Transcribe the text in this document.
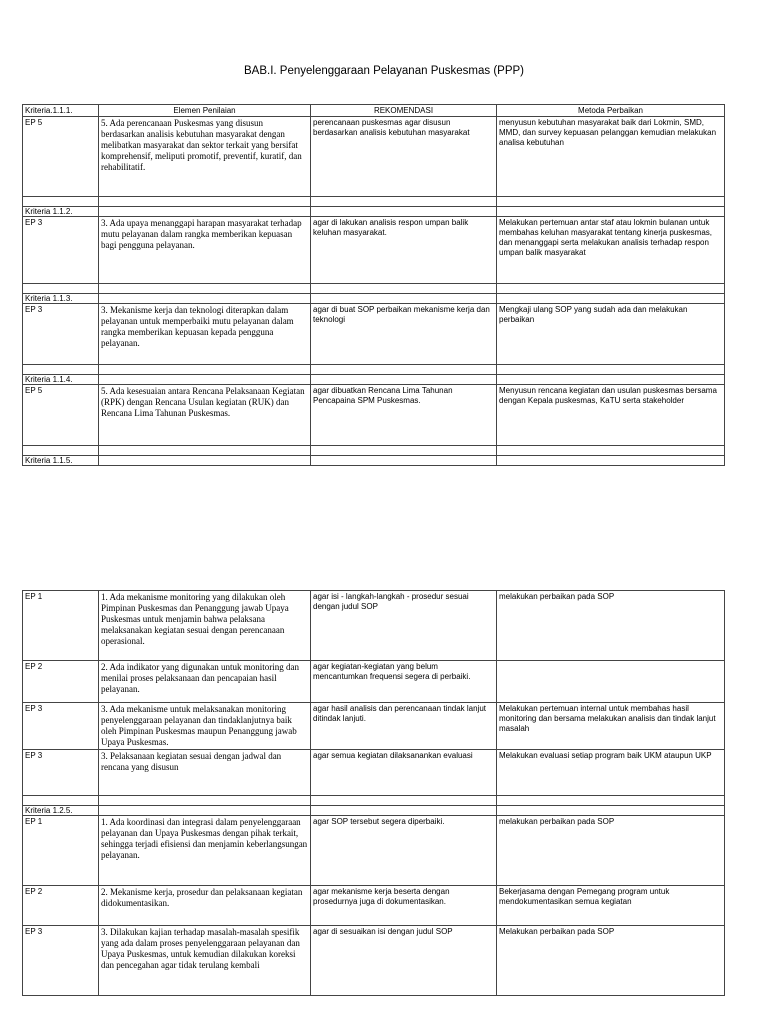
BAB.I. Penyelenggaraan Pelayanan Puskesmas (PPP)
Kriteria.1.1.1.	Elemen Penilaian	REKOMENDASI	Metoda Perbaikan
EP 5	5. Ada perencanaan Puskesmas yang disusun berdasarkan analisis kebutuhan masyarakat dengan melibatkan masyarakat dan sektor terkait yang bersifat komprehensif, meliputi promotif, preventif, kuratif, dan rehabilitatif.	perencanaan puskesmas agar disusun berdasarkan analisis kebutuhan masyarakat	menyusun kebutuhan masyarakat baik dari Lokmin, SMD, MMD, dan survey kepuasan pelanggan kemudian melakukan analisa kebutuhan

Kriteria 1.1.2.			
EP 3	3. Ada upaya menanggapi harapan masyarakat terhadap mutu pelayanan dalam rangka memberikan kepuasan bagi pengguna pelayanan.	agar di lakukan analisis respon umpan balik keluhan masyarakat.	Melakukan pertemuan antar staf atau lokmin bulanan untuk membahas keluhan masyarakat tentang kinerja puskesmas, dan menanggapi serta melakukan analisis terhadap respon umpan balik masyarakat

Kriteria 1.1.3.			
EP 3	3. Mekanisme kerja dan teknologi diterapkan dalam pelayanan untuk memperbaiki mutu pelayanan dalam rangka memberikan kepuasan kepada pengguna pelayanan.	agar di buat SOP perbaikan mekanisme kerja dan teknologi	Mengkaji ulang SOP yang sudah ada dan melakukan perbaikan

Kriteria 1.1.4.			
EP 5	5. Ada kesesuaian antara Rencana Pelaksanaan Kegiatan (RPK) dengan Rencana Usulan kegiatan (RUK) dan Rencana Lima Tahunan Puskesmas.	agar dibuatkan Rencana Lima Tahunan Pencapaina SPM Puskesmas.	Menyusun rencana kegiatan dan usulan puskesmas bersama dengan Kepala puskesmas, KaTU serta stakeholder

Kriteria 1.1.5.			
EP 1	1. Ada mekanisme monitoring yang dilakukan oleh Pimpinan Puskesmas dan Penanggung jawab Upaya Puskesmas untuk menjamin bahwa pelaksana melaksanakan kegiatan sesuai dengan perencanaan operasional.	agar isi - langkah-langkah - prosedur sesuai dengan judul SOP	melakukan perbaikan pada SOP
EP 2	2. Ada indikator yang digunakan untuk monitoring dan menilai proses pelaksanaan dan pencapaian hasil pelayanan.	agar kegiatan-kegiatan yang belum mencantumkan frequensi segera di perbaiki.	
EP 3	3. Ada mekanisme untuk melaksanakan monitoring penyelenggaraan pelayanan dan tindaklanjutnya baik oleh Pimpinan Puskesmas maupun Penanggung jawab Upaya Puskesmas.	agar hasil analisis dan perencanaan tindak lanjut ditindak lanjuti.	Melakukan pertemuan internal untuk membahas hasil monitoring dan bersama melakukan analisis dan tindak lanjut masalah
EP 3	3. Pelaksanaan kegiatan sesuai dengan jadwal dan rencana yang disusun	agar semua kegiatan dilaksanankan evaluasi	Melakukan evaluasi setiap program baik UKM ataupun UKP

Kriteria 1.2.5.			
EP 1	1. Ada koordinasi dan integrasi dalam penyelenggaraan pelayanan dan Upaya Puskesmas dengan pihak terkait, sehingga terjadi efisiensi dan menjamin keberlangsungan pelayanan.	agar SOP tersebut segera diperbaiki.	melakukan perbaikan pada SOP
EP 2	2. Mekanisme kerja, prosedur dan pelaksanaan kegiatan didokumentasikan.	agar mekanisme kerja beserta dengan prosedurnya juga di dokumentasikan.	Bekerjasama dengan Pemegang program untuk mendokumentasikan semua kegiatan
EP 3	3. Dilakukan kajian terhadap masalah-masalah spesifik yang ada dalam proses penyelenggaraan pelayanan dan Upaya Puskesmas, untuk kemudian dilakukan koreksi dan pencegahan agar tidak terulang kembali	agar di sesuaikan isi dengan judul SOP	Melakukan perbaikan pada SOP
